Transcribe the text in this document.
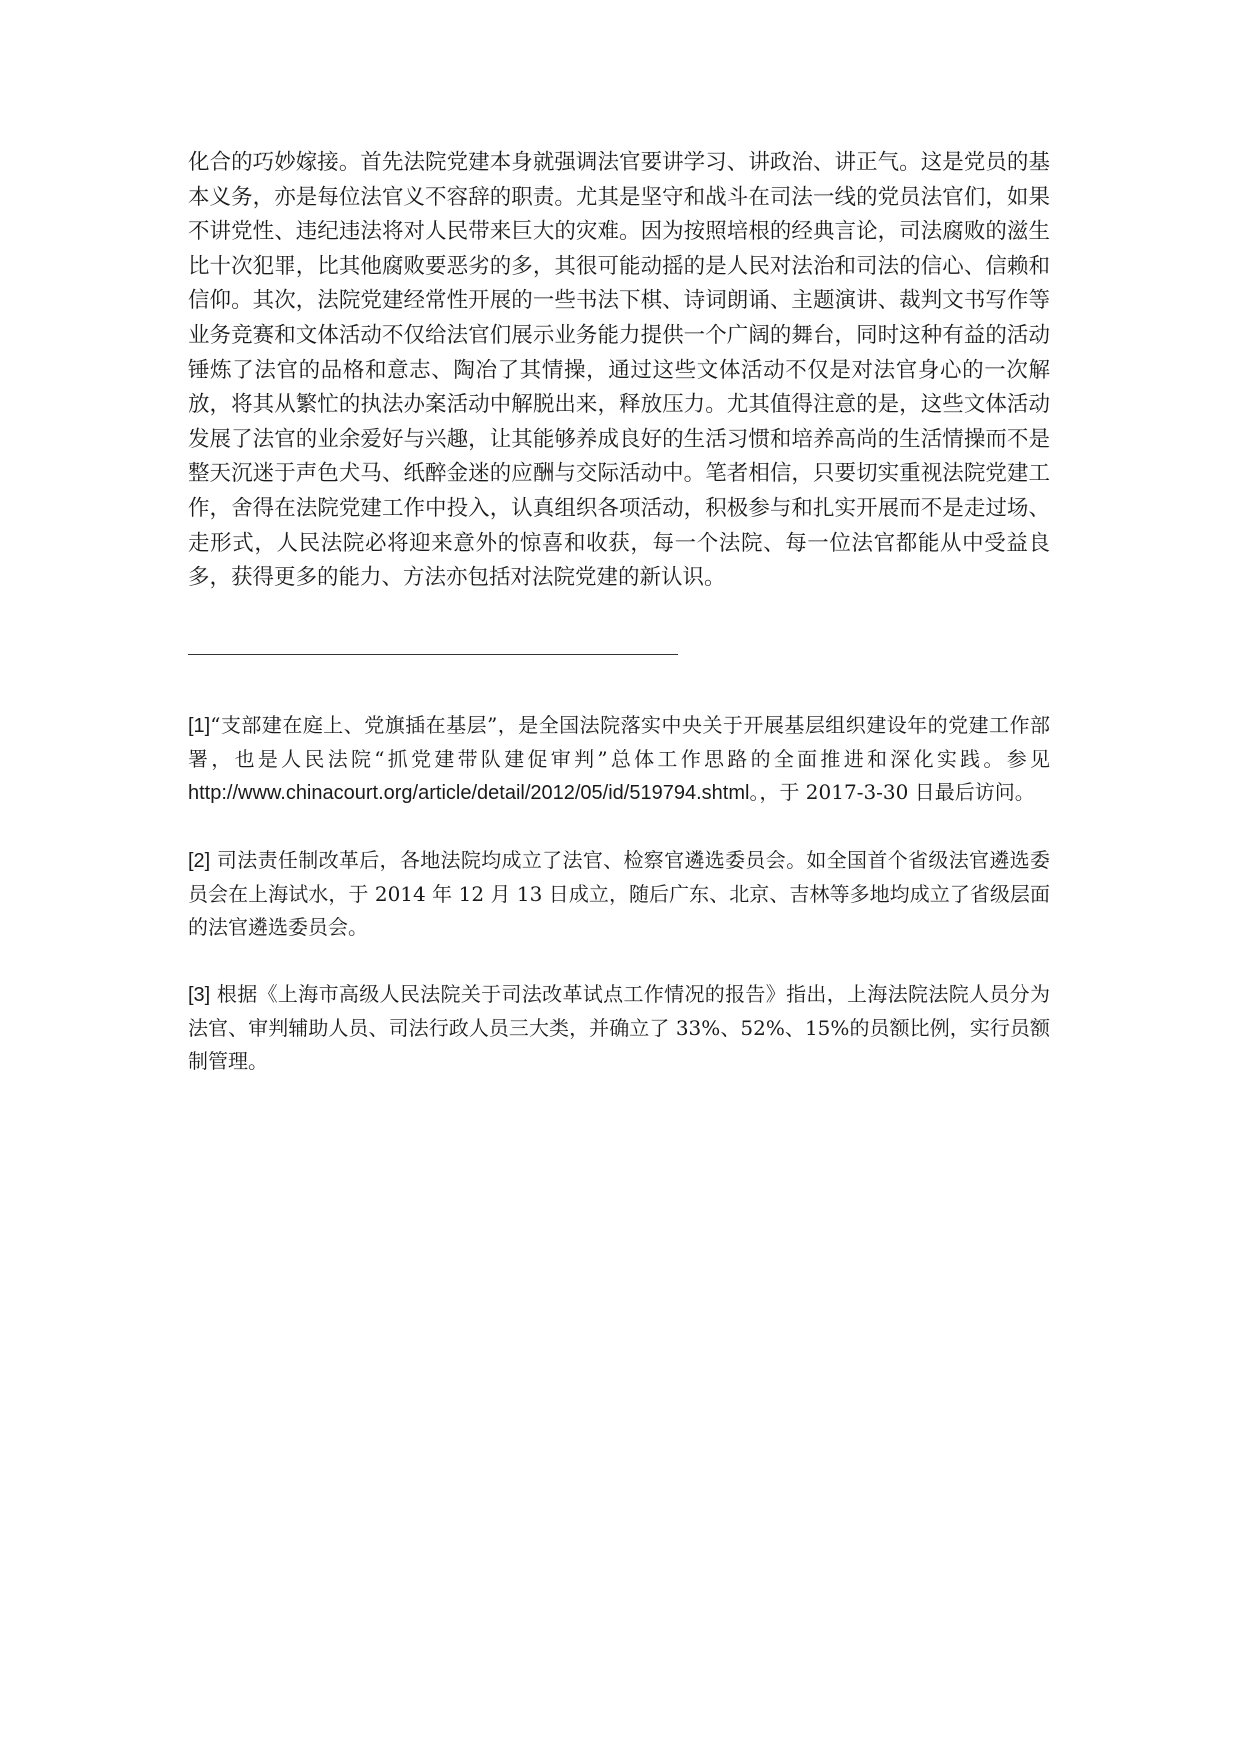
化合的巧妙嫁接。首先法院党建本身就强调法官要讲学习、讲政治、讲正气。这是党员的基本义务，亦是每位法官义不容辞的职责。尤其是坚守和战斗在司法一线的党员法官们，如果不讲党性、违纪违法将对人民带来巨大的灾难。因为按照培根的经典言论，司法腐败的滋生比十次犯罪，比其他腐败要恶劣的多，其很可能动摇的是人民对法治和司法的信心、信赖和信仰。其次，法院党建经常性开展的一些书法下棋、诗词朗诵、主题演讲、裁判文书写作等业务竞赛和文体活动不仅给法官们展示业务能力提供一个广阔的舞台，同时这种有益的活动锤炼了法官的品格和意志、陶冶了其情操，通过这些文体活动不仅是对法官身心的一次解放，将其从繁忙的执法办案活动中解脱出来，释放压力。尤其值得注意的是，这些文体活动发展了法官的业余爱好与兴趣，让其能够养成良好的生活习惯和培养高尚的生活情操而不是整天沉迷于声色犬马、纸醉金迷的应酬与交际活动中。笔者相信，只要切实重视法院党建工作，舍得在法院党建工作中投入，认真组织各项活动，积极参与和扎实开展而不是走过场、走形式，人民法院必将迎来意外的惊喜和收获，每一个法院、每一位法官都能从中受益良多，获得更多的能力、方法亦包括对法院党建的新认识。

[1]“支部建在庭上、党旗插在基层”，是全国法院落实中央关于开展基层组织建设年的党建工作部署，也是人民法院“抓党建带队建促审判”总体工作思路的全面推进和深化实践。参见http://www.chinacourt.org/article/detail/2012/05/id/519794.shtml。，于 2017-3-30 日最后访问。

[2] 司法责任制改革后，各地法院均成立了法官、检察官遴选委员会。如全国首个省级法官遴选委员会在上海试水，于 2014 年 12 月 13 日成立，随后广东、北京、吉林等多地均成立了省级层面的法官遴选委员会。

[3] 根据《上海市高级人民法院关于司法改革试点工作情况的报告》指出，上海法院法院人员分为法官、审判辅助人员、司法行政人员三大类，并确立了 33%、52%、15%的员额比例，实行员额制管理。
